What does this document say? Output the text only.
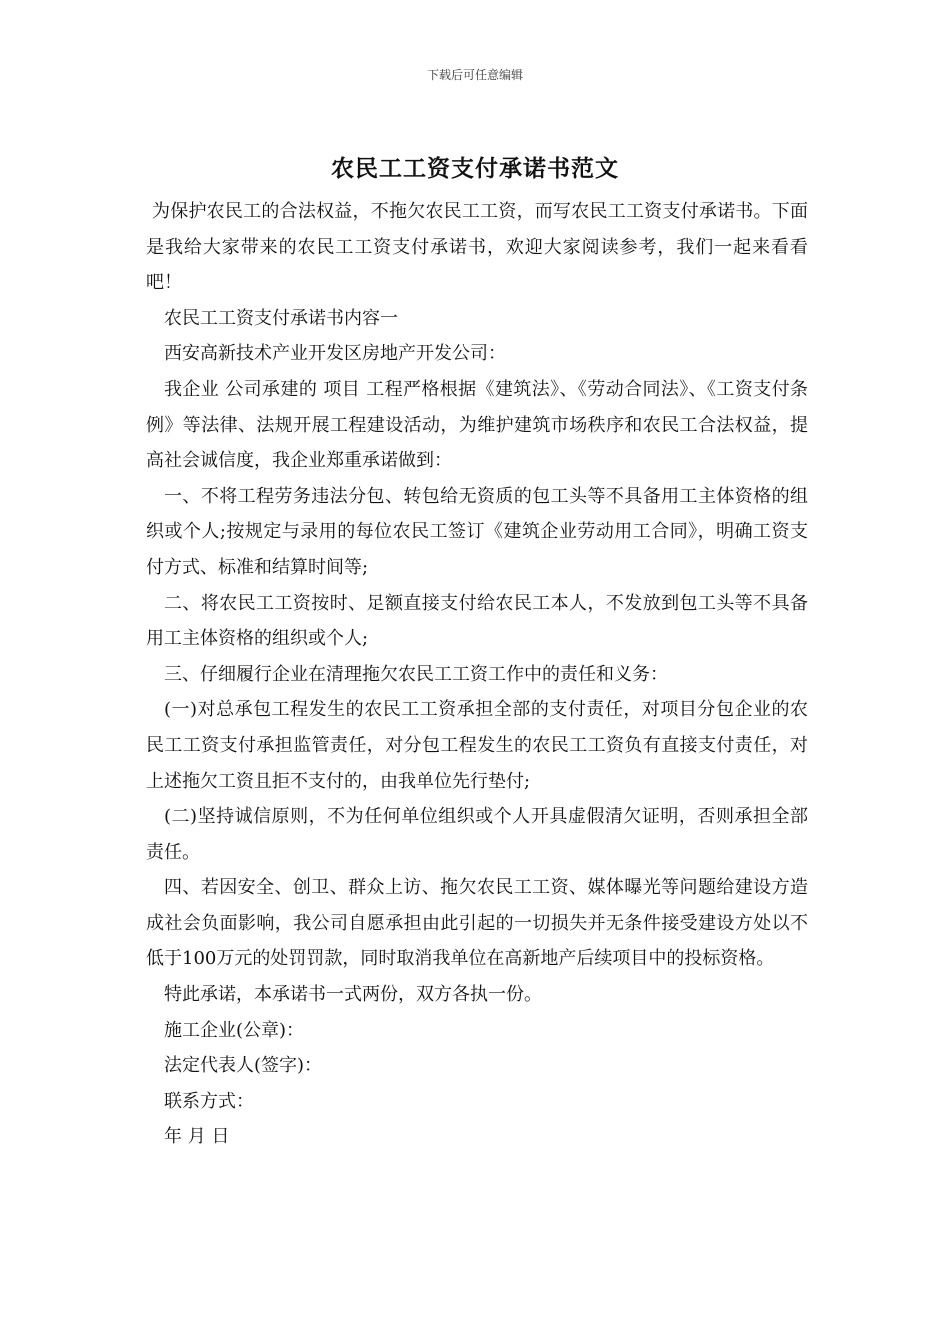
下载后可任意编辑
农民工工资支付承诺书范文

为保护农民工的合法权益，不拖欠农民工工资，而写农民工工资支付承诺书。下面是我给大家带来的农民工工资支付承诺书，欢迎大家阅读参考，我们一起来看看吧！

农民工工资支付承诺书内容一

西安高新技术产业开发区房地产开发公司：

我企业 公司承建的 项目 工程严格根据《建筑法》、《劳动合同法》、《工资支付条例》等法律、法规开展工程建设活动，为维护建筑市场秩序和农民工合法权益，提高社会诚信度，我企业郑重承诺做到：

一、不将工程劳务违法分包、转包给无资质的包工头等不具备用工主体资格的组织或个人;按规定与录用的每位农民工签订《建筑企业劳动用工合同》，明确工资支付方式、标准和结算时间等;

二、将农民工工资按时、足额直接支付给农民工本人，不发放到包工头等不具备用工主体资格的组织或个人;

三、仔细履行企业在清理拖欠农民工工资工作中的责任和义务：

(一)对总承包工程发生的农民工工资承担全部的支付责任，对项目分包企业的农民工工资支付承担监管责任，对分包工程发生的农民工工资负有直接支付责任，对上述拖欠工资且拒不支付的，由我单位先行垫付;

(二)坚持诚信原则，不为任何单位组织或个人开具虚假清欠证明，否则承担全部责任。

四、若因安全、创卫、群众上访、拖欠农民工工资、媒体曝光等问题给建设方造成社会负面影响，我公司自愿承担由此引起的一切损失并无条件接受建设方处以不低于100万元的处罚罚款，同时取消我单位在高新地产后续项目中的投标资格。

特此承诺，本承诺书一式两份，双方各执一份。

施工企业(公章)：

法定代表人(签字)：

联系方式：

年 月 日
